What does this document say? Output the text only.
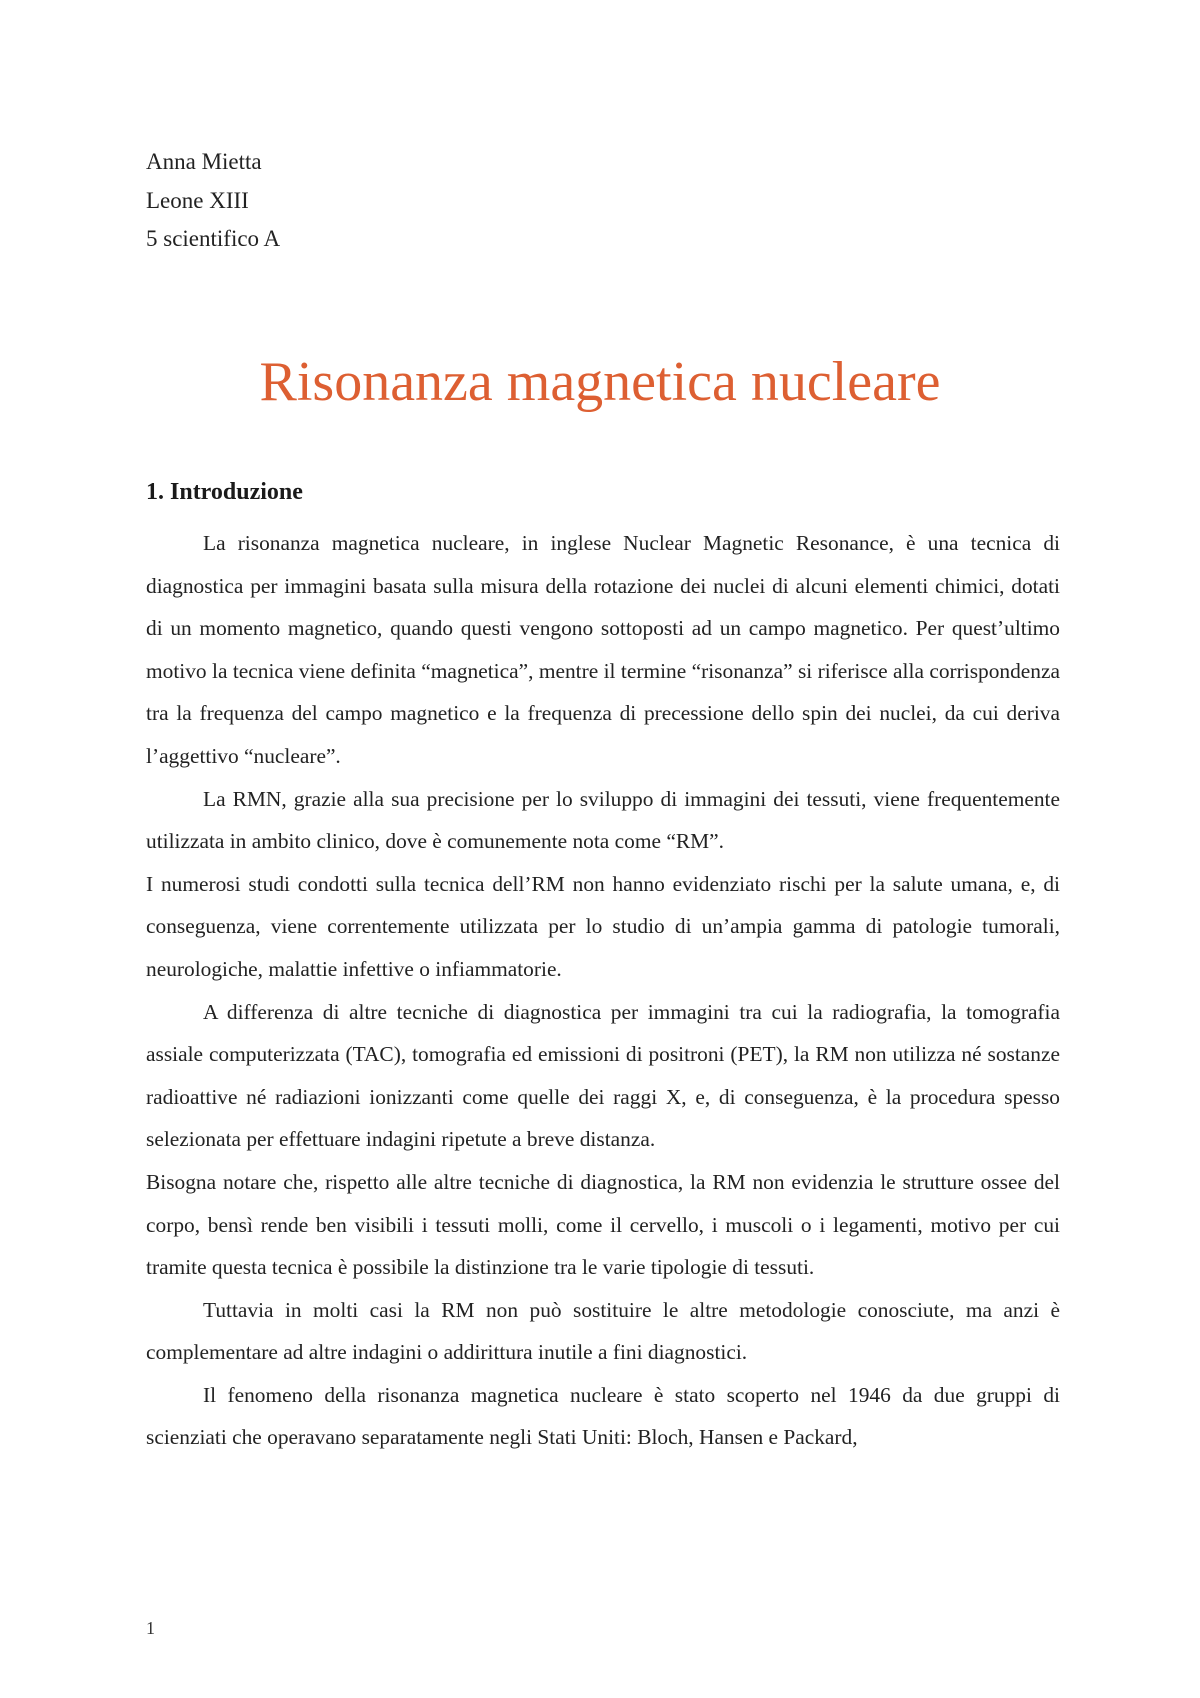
Anna Mietta
Leone XIII
5 scientifico A
Risonanza magnetica nucleare
1. Introduzione

La risonanza magnetica nucleare, in inglese Nuclear Magnetic Resonance, è una tecnica di diagnostica per immagini basata sulla misura della rotazione dei nuclei di alcuni elementi chimici, dotati di un momento magnetico, quando questi vengono sottoposti ad un campo magnetico. Per quest’ultimo motivo la tecnica viene definita “magnetica”, mentre il termine “risonanza” si riferisce alla corrispondenza tra la frequenza del campo magnetico e la frequenza di precessione dello spin dei nuclei, da cui deriva l’aggettivo “nucleare”.

La RMN, grazie alla sua precisione per lo sviluppo di immagini dei tessuti, viene frequentemente utilizzata in ambito clinico, dove è comunemente nota come “RM”.

I numerosi studi condotti sulla tecnica dell’RM non hanno evidenziato rischi per la salute umana, e, di conseguenza, viene correntemente utilizzata per lo studio di un’ampia gamma di patologie tumorali, neurologiche, malattie infettive o infiammatorie.

A differenza di altre tecniche di diagnostica per immagini tra cui la radiografia, la tomografia assiale computerizzata (TAC), tomografia ed emissioni di positroni (PET), la RM non utilizza né sostanze radioattive né radiazioni ionizzanti come quelle dei raggi X, e, di conseguenza, è la procedura spesso selezionata per effettuare indagini ripetute a breve distanza.

Bisogna notare che, rispetto alle altre tecniche di diagnostica, la RM non evidenzia le strutture ossee del corpo, bensì rende ben visibili i tessuti molli, come il cervello, i muscoli o i legamenti, motivo per cui tramite questa tecnica è possibile la distinzione tra le varie tipologie di tessuti.

Tuttavia in molti casi la RM non può sostituire le altre metodologie conosciute, ma anzi è complementare ad altre indagini o addirittura inutile a fini diagnostici.

Il fenomeno della risonanza magnetica nucleare è stato scoperto nel 1946 da due gruppi di scienziati che operavano separatamente negli Stati Uniti: Bloch, Hansen e Packard,

1
